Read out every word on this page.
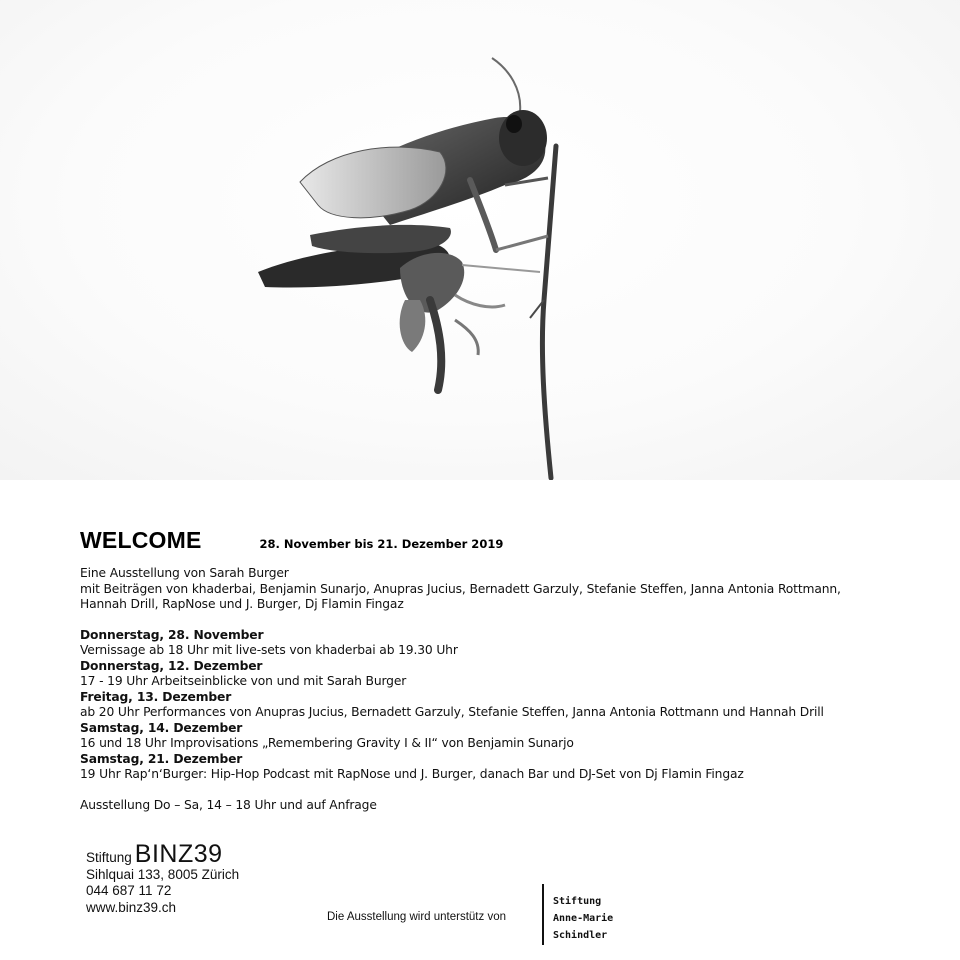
WELCOME	28. November bis 21. Dezember 2019
Eine Ausstellung von Sarah Burger
mit Beiträgen von khaderbai, Benjamin Sunarjo, Anupras Jucius, Bernadett Garzuly, Stefanie Steffen, Janna Antonia Rottmann,
Hannah Drill, RapNose und J. Burger, Dj Flamin Fingaz
Donnerstag, 28. November
Vernissage ab 18 Uhr mit live-sets von khaderbai ab 19.30 Uhr
Donnerstag, 12. Dezember
17 - 19 Uhr Arbeitseinblicke von und mit Sarah Burger
Freitag, 13. Dezember
ab 20 Uhr Performances von Anupras Jucius, Bernadett Garzuly, Stefanie Steffen, Janna Antonia Rottmann und Hannah Drill
Samstag, 14. Dezember
16 und 18 Uhr Improvisations „Remembering Gravity I & II“ von Benjamin Sunarjo
Samstag, 21. Dezember
19 Uhr Rap‘n‘Burger: Hip-Hop Podcast mit RapNose und J. Burger, danach Bar und DJ-Set von Dj Flamin Fingaz
Ausstellung Do – Sa, 14 – 18 Uhr und auf Anfrage
Stiftung BINZ39
Sihlquai 133, 8005 Zürich
044 687 11 72
www.binz39.ch
Die Ausstellung wird unterstütz von
Stiftung
Anne-Marie
Schindler
